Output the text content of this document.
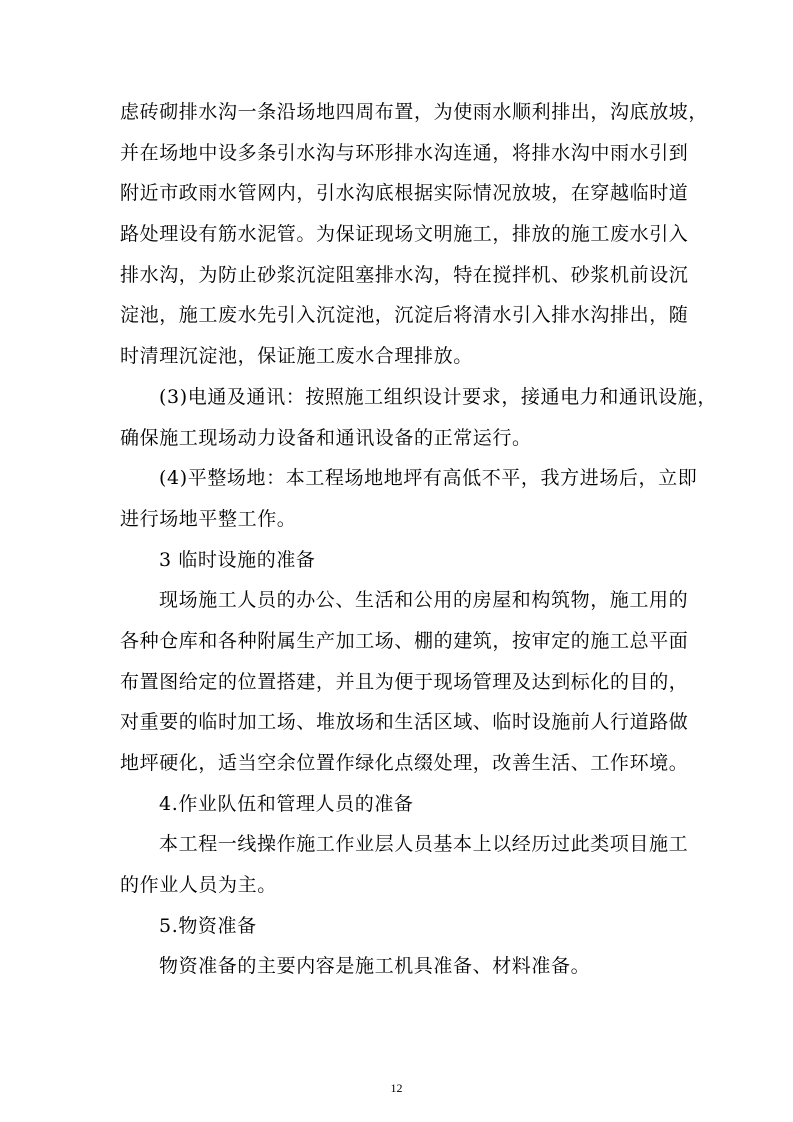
虑砖砌排水沟一条沿场地四周布置，为使雨水顺利排出，沟底放坡，
并在场地中设多条引水沟与环形排水沟连通，将排水沟中雨水引到
附近市政雨水管网内，引水沟底根据实际情况放坡，在穿越临时道
路处理设有筋水泥管。为保证现场文明施工，排放的施工废水引入
排水沟，为防止砂浆沉淀阻塞排水沟，特在搅拌机、砂浆机前设沉
淀池，施工废水先引入沉淀池，沉淀后将清水引入排水沟排出，随
时清理沉淀池，保证施工废水合理排放。
(3)电通及通讯：按照施工组织设计要求，接通电力和通讯设施，
确保施工现场动力设备和通讯设备的正常运行。
(4)平整场地：本工程场地地坪有高低不平，我方进场后，立即
进行场地平整工作。
3 临时设施的准备
现场施工人员的办公、生活和公用的房屋和构筑物，施工用的
各种仓库和各种附属生产加工场、棚的建筑，按审定的施工总平面
布置图给定的位置搭建，并且为便于现场管理及达到标化的目的，
对重要的临时加工场、堆放场和生活区域、临时设施前人行道路做
地坪硬化，适当空余位置作绿化点缀处理，改善生活、工作环境。
4.作业队伍和管理人员的准备
本工程一线操作施工作业层人员基本上以经历过此类项目施工
的作业人员为主。
5.物资准备
物资准备的主要内容是施工机具准备、材料准备。
12
